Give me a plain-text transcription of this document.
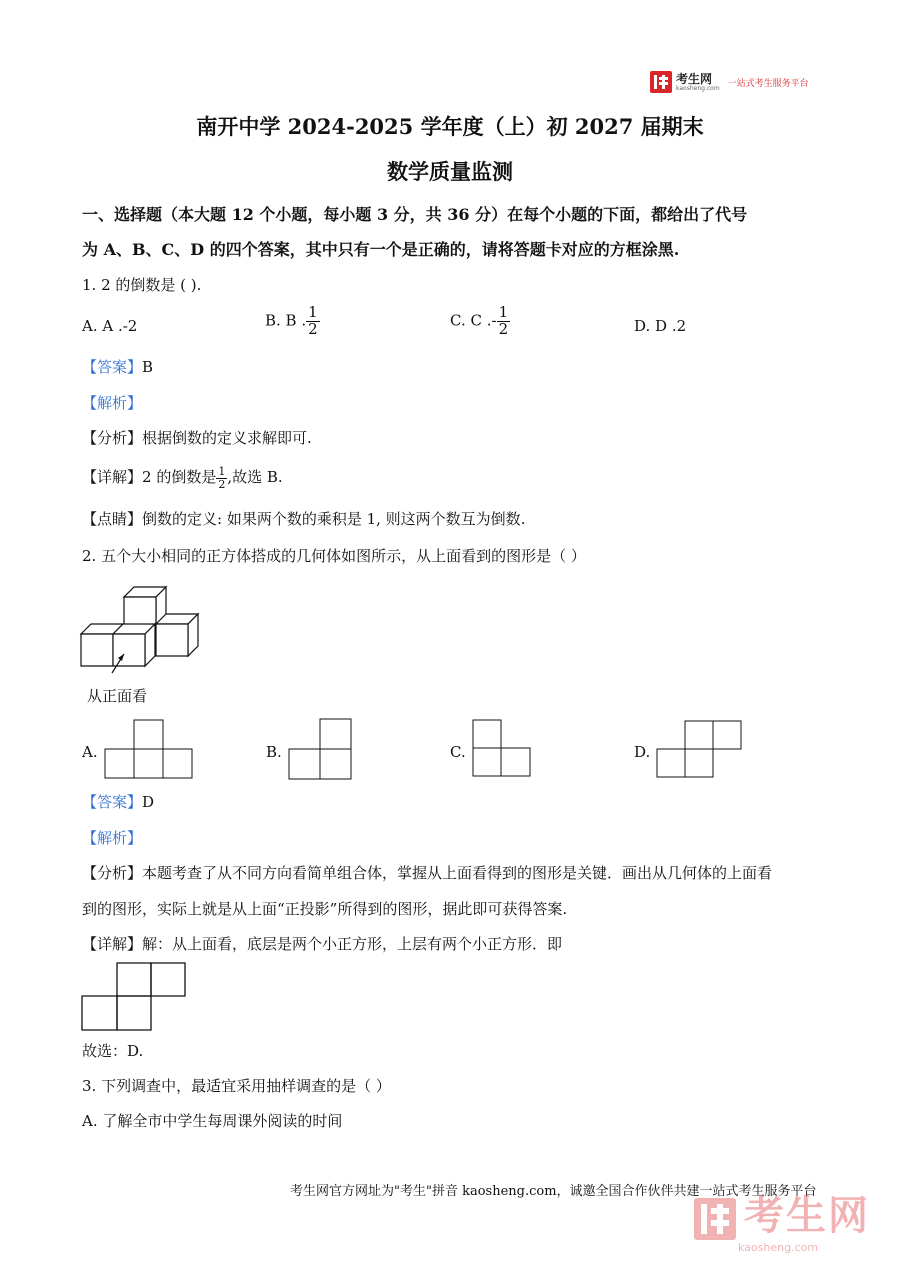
考生网
kaosheng.com 一站式考生服务平台
南开中学 2024-2025 学年度（上）初 2027 届期末
数学质量监测
一、选择题（本大题 12 个小题，每小题 3 分，共 36 分）在每个小题的下面，都给出了代号
为 A、B、C、D 的四个答案，其中只有一个是正确的，请将答题卡对应的方框涂黑.
1. 2 的倒数是 ( ).
A. A .-2	B. B . $\frac{1}{2}$	C. C .- $\frac{1}{2}$	D. D .2
【答案】B
【解析】
【分析】根据倒数的定义求解即可.
【详解】2 的倒数是 $\frac{1}{2}$ ,故选 B.
【点睛】倒数的定义: 如果两个数的乘积是 1, 则这两个数互为倒数.
2. 五个大小相同的正方体搭成的几何体如图所示，从上面看到的图形是（ ）
从正面看
A.	B.	C.	D.
【答案】D
【解析】
【分析】本题考查了从不同方向看简单组合体，掌握从上面看得到的图形是关键．画出从几何体的上面看
到的图形，实际上就是从上面“正投影”所得到的图形，据此即可获得答案.
【详解】解：从上面看，底层是两个小正方形，上层有两个小正方形．即
故选：D.
3. 下列调查中，最适宜采用抽样调查的是（ ）
A. 了解全市中学生每周课外阅读的时间
考生网官方网址为"考生"拼音 kaosheng.com，诚邀全国合作伙伴共建一站式考生服务平台
考生网
kaosheng.com
